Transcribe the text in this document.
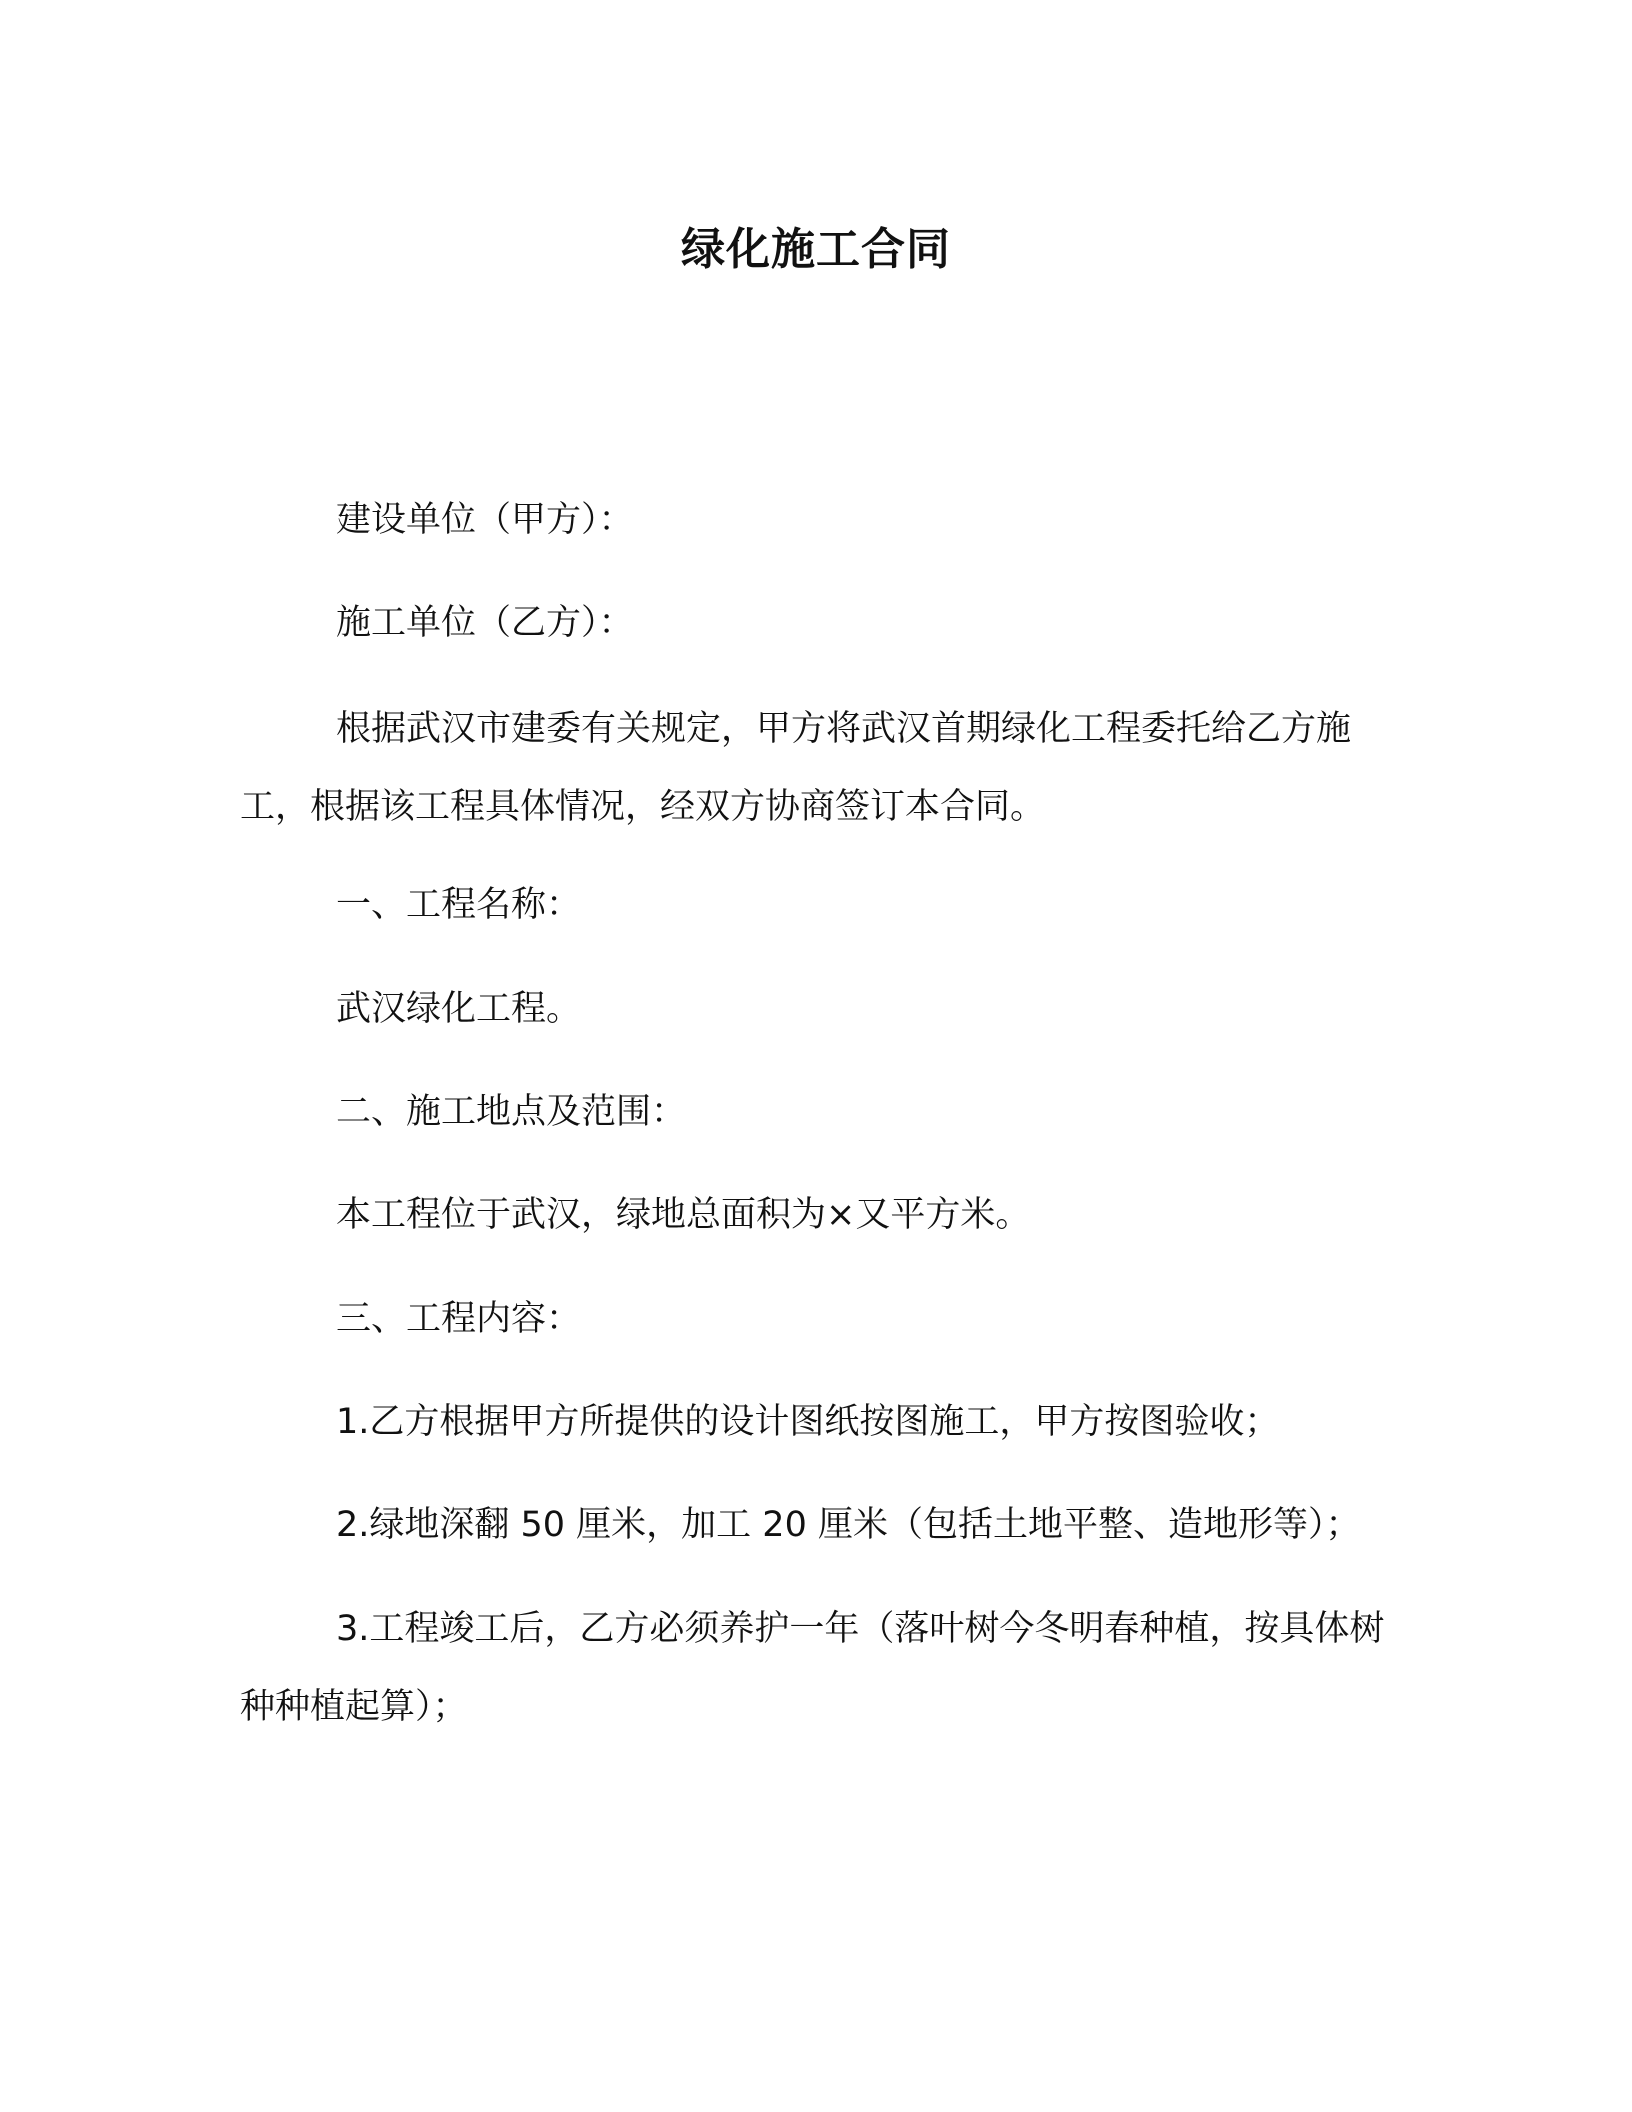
绿化施工合同
建设单位（甲方）：
施工单位（乙方）：

根据武汉市建委有关规定，甲方将武汉首期绿化工程委托给乙方施工，根据该工程具体情况，经双方协商签订本合同。

一、工程名称：
武汉绿化工程。
二、施工地点及范围：
本工程位于武汉，绿地总面积为×又平方米。
三、工程内容：
1.乙方根据甲方所提供的设计图纸按图施工，甲方按图验收；
2.绿地深翻 50 厘米，加工 20 厘米（包括土地平整、造地形等）；

3.工程竣工后，乙方必须养护一年（落叶树今冬明春种植，按具体树种种植起算）；
